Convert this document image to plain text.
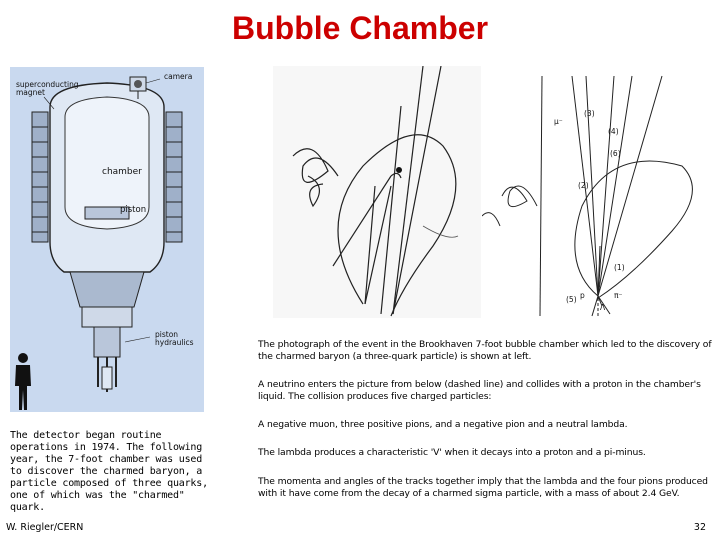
Bubble Chamber
superconducting magnet
camera
chamber
piston
piston hydraulics
μ⁻
(3)
(4)
(6)
(2)
(1)
(5)
Λ
p	π⁻
The detector began routine operations in 1974. The following year, the 7-foot chamber was used to discover the charmed baryon, a particle composed of three quarks, one of which was the "charmed" quark.
The photograph of the event in the Brookhaven 7-foot bubble chamber which led to the discovery of the charmed baryon (a three-quark particle) is shown at left.
A neutrino enters the picture from below (dashed line) and collides with a proton in the chamber's liquid. The collision produces five charged particles:
A negative muon, three positive pions, and a negative pion and a neutral lambda.
The lambda produces a characteristic 'V' when it decays into a proton and a pi-minus.
The momenta and angles of the tracks together imply that the lambda and the four pions produced with it have come from the decay of a charmed sigma particle, with a mass of about 2.4 GeV.
W. Riegler/CERN	32
